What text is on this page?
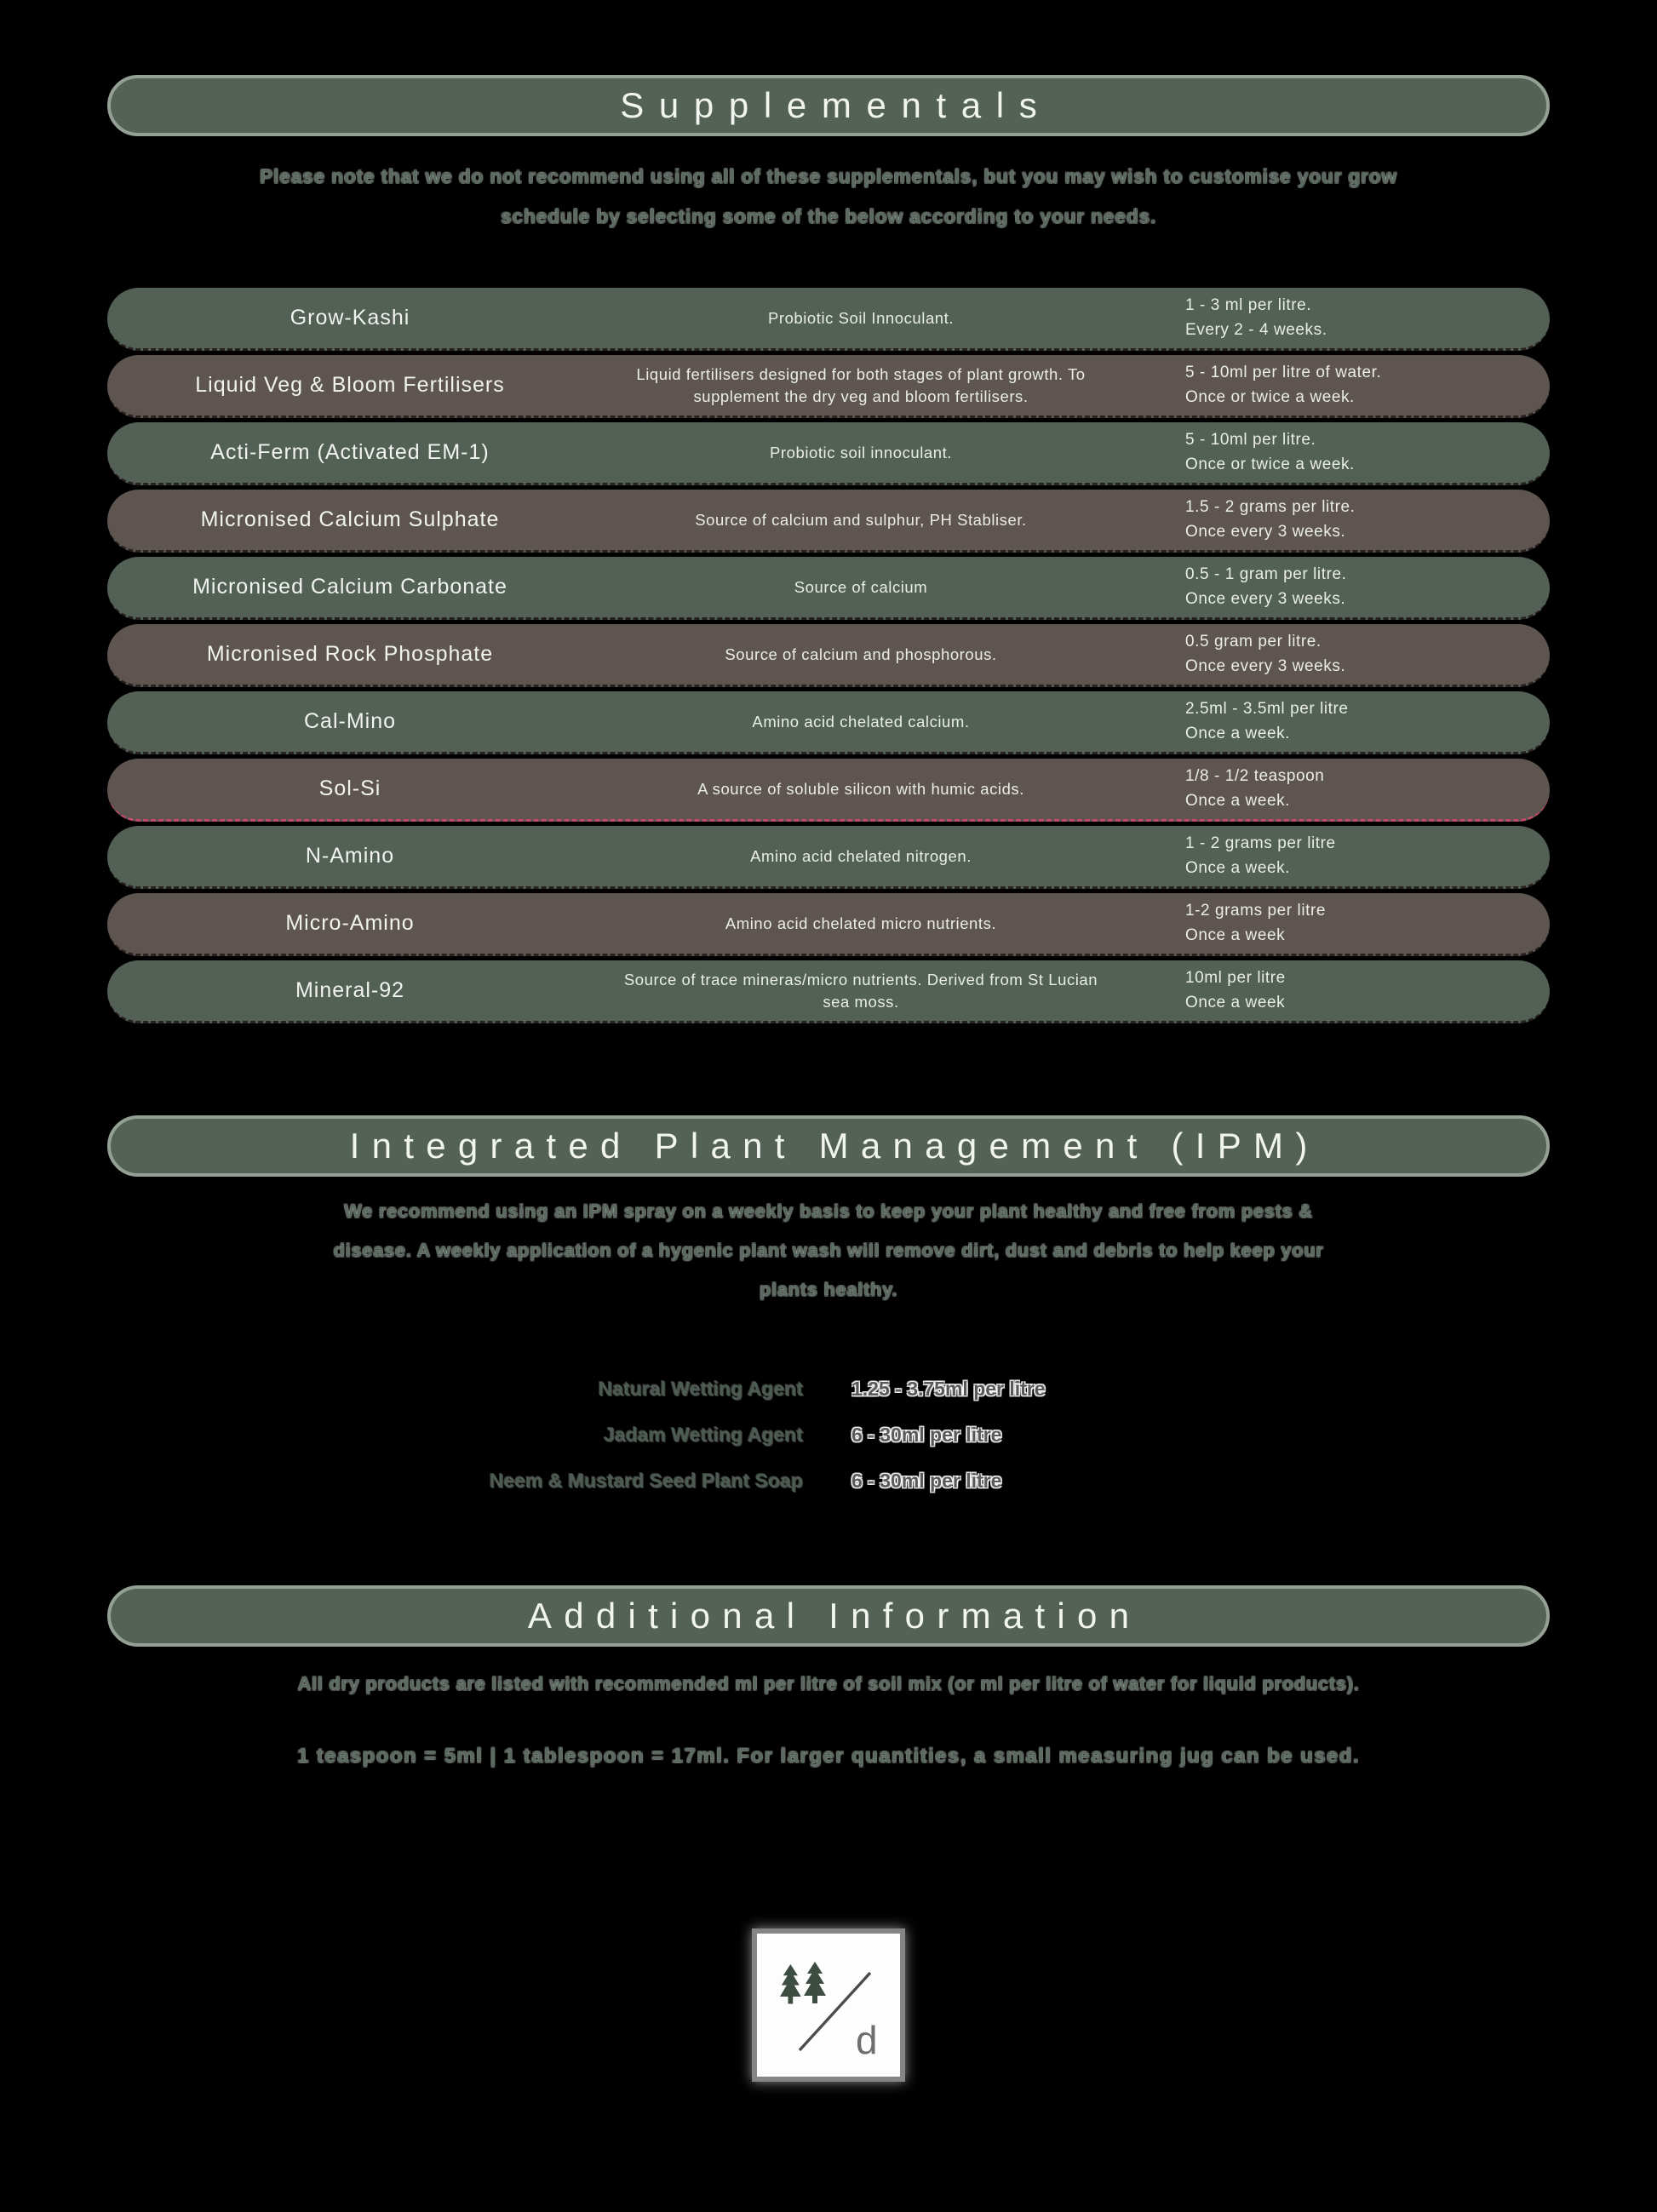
Supplementals
Please note that we do not recommend using all of these supplementals, but you may wish to customise your grow schedule by selecting some of the below according to your needs.
Grow-Kashi	Probiotic Soil Innoculant.
1 - 3 ml per litre.
Every 2 - 4 weeks.
Liquid Veg & Bloom Fertilisers	Liquid fertilisers designed for both stages of plant growth. To supplement the dry veg and bloom fertilisers.
5 - 10ml per litre of water.
Once or twice a week.
Acti-Ferm (Activated EM-1)	Probiotic soil innoculant.
5 - 10ml per litre.
Once or twice a week.
Micronised Calcium Sulphate	Source of calcium and sulphur, PH Stabliser.
1.5 - 2 grams per litre.
Once every 3 weeks.
Micronised Calcium Carbonate	Source of calcium
0.5 - 1 gram per litre.
Once every 3 weeks.
Micronised Rock Phosphate	Source of calcium and phosphorous.
0.5 gram per litre.
Once every 3 weeks.
Cal-Mino	Amino acid chelated calcium.
2.5ml - 3.5ml per litre
Once a week.
Sol-Si	A source of soluble silicon with humic acids.
1/8 - 1/2 teaspoon
Once a week.
N-Amino	Amino acid chelated nitrogen.
1 - 2 grams per litre
Once a week.
Micro-Amino	Amino acid chelated micro nutrients.
1-2 grams per litre
Once a week
Mineral-92	Source of trace mineras/micro nutrients. Derived from St Lucian sea moss.
10ml per litre
Once a week
Integrated Plant Management (IPM)
We recommend using an IPM spray on a weekly basis to keep your plant healthy and free from pests & disease. A weekly application of a hygenic plant wash will remove dirt, dust and debris to help keep your plants healthy.
Natural Wetting Agent 1.25 - 3.75ml per litre
Jadam Wetting Agent 6 - 30ml per litre
Neem & Mustard Seed Plant Soap 6 - 30ml per litre
Additional Information
All dry products are listed with recommended ml per litre of soil mix (or ml per litre of water for liquid products).
1 teaspoon = 5ml | 1 tablespoon = 17ml. For larger quantities, a small measuring jug can be used.
d
